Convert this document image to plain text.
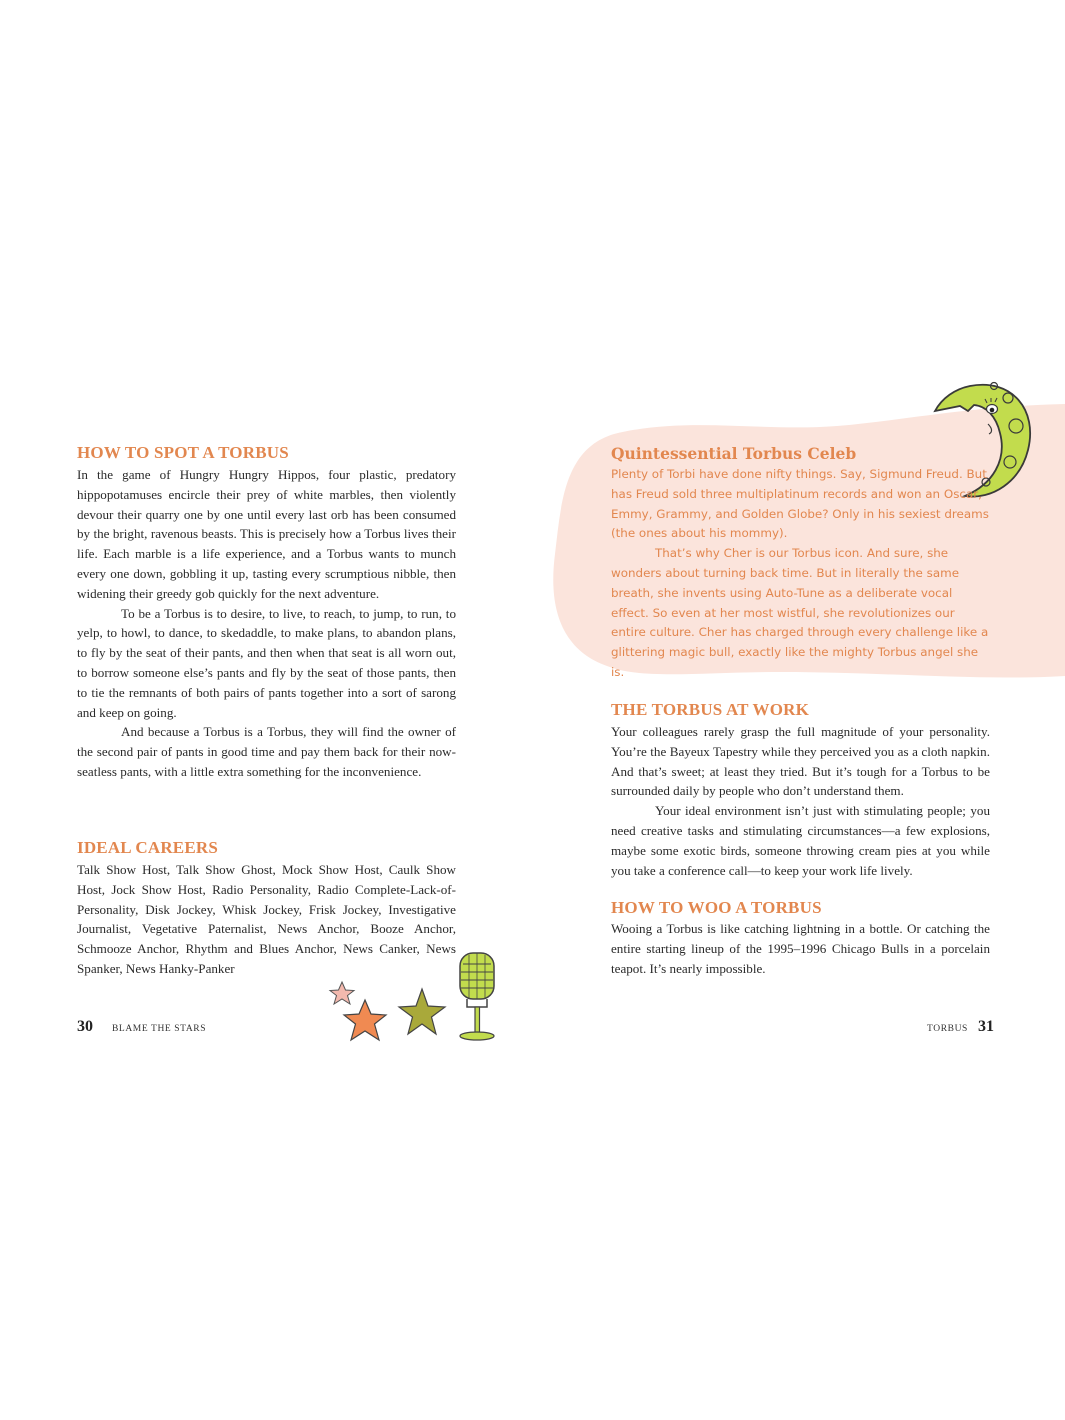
HOW TO SPOT A TORBUS

In the game of Hungry Hungry Hippos, four plastic, predatory hippopotamuses encircle their prey of white marbles, then violently devour their quarry one by one until every last orb has been consumed by the bright, ravenous beasts. This is precisely how a Torbus lives their life. Each marble is a life experience, and a Torbus wants to munch every one down, gobbling it up, tasting every scrumptious nibble, then widening their greedy gob quickly for the next adventure.

To be a Torbus is to desire, to live, to reach, to jump, to run, to yelp, to howl, to dance, to skedaddle, to make plans, to abandon plans, to fly by the seat of their pants, and then when that seat is all worn out, to borrow someone else’s pants and fly by the seat of those pants, then to tie the remnants of both pairs of pants together into a sort of sarong and keep on going.

And because a Torbus is a Torbus, they will find the owner of the second pair of pants in good time and pay them back for their now-seatless pants, with a little extra something for the inconvenience.

IDEAL CAREERS

Talk Show Host, Talk Show Ghost, Mock Show Host, Caulk Show Host, Jock Show Host, Radio Personality, Radio Complete-Lack-of-Personality, Disk Jockey, Whisk Jockey, Frisk Jockey, Investigative Journalist, Vegetative Paternalist, News Anchor, Booze Anchor, Schmooze Anchor, Rhythm and Blues Anchor, News Canker, News Spanker, News Hanky-Panker

30 BLAME THE STARS
Quintessential Torbus Celeb

Plenty of Torbi have done nifty things. Say, Sigmund Freud. But has Freud sold three multiplatinum records and won an Oscar, Emmy, Grammy, and Golden Globe? Only in his sexiest dreams (the ones about his mommy).

That’s why Cher is our Torbus icon. And sure, she wonders about turning back time. But in literally the same breath, she invents using Auto-Tune as a deliberate vocal effect. So even at her most wistful, she revolutionizes our entire culture. Cher has charged through every challenge like a glittering magic bull, exactly like the mighty Torbus angel she is.

THE TORBUS AT WORK

Your colleagues rarely grasp the full magnitude of your personality. You’re the Bayeux Tapestry while they perceived you as a cloth napkin. And that’s sweet; at least they tried. But it’s tough for a Torbus to be surrounded daily by people who don’t understand them.

Your ideal environment isn’t just with stimulating people; you need creative tasks and stimulating circumstances—a few explosions, maybe some exotic birds, someone throwing cream pies at you while you take a conference call—to keep your work life lively.

HOW TO WOO A TORBUS

Wooing a Torbus is like catching lightning in a bottle. Or catching the entire starting lineup of the 1995–1996 Chicago Bulls in a porcelain teapot. It’s nearly impossible.

TORBUS 31
